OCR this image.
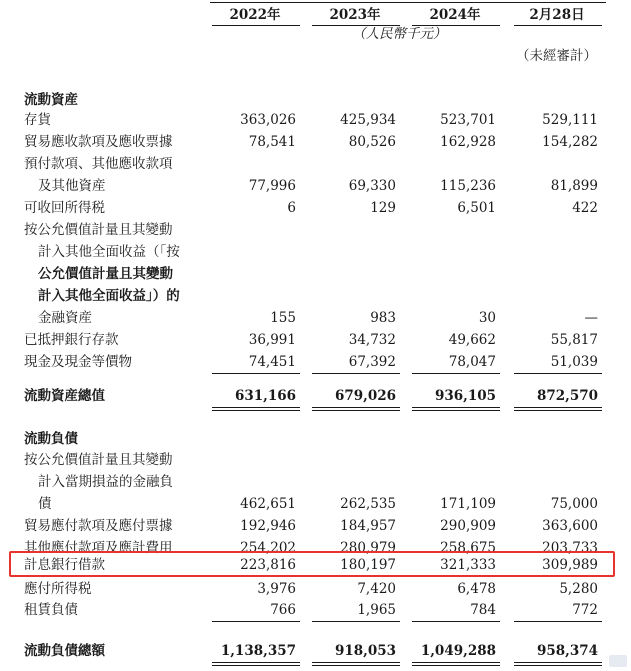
2022年	2023年	2024年	2月28日
（人民幣千元）
（未經審計）
流動資産
存貨	363,026	425,934	523,701	529,111
貿易應收款項及應收票據	78,541	80,526	162,928	154,282
預付款項、其他應收款項
及其他資産	77,996	69,330	115,236	81,899
可收回所得税	6	129	6,501	422
按公允價值計量且其變動
計入其他全面收益（「按
公允價值計量且其變動
計入其他全面收益」）的
金融資産	155	983	30	—
已抵押銀行存款	36,991	34,732	49,662	55,817
現金及現金等價物	74,451	67,392	78,047	51,039
流動資産總值	631,166	679,026	936,105	872,570
流動負債
按公允價值計量且其變動
計入當期損益的金融負
債	462,651	262,535	171,109	75,000
貿易應付款項及應付票據	192,946	184,957	290,909	363,600
其他應付款項及應計費用	254,202	280,979	258,675	203,733
計息銀行借款	223,816	180,197	321,333	309,989
應付所得税	3,976	7,420	6,478	5,280
租賃負債	766	1,965	784	772
流動負債總額	1,138,357	918,053	1,049,288	958,374
